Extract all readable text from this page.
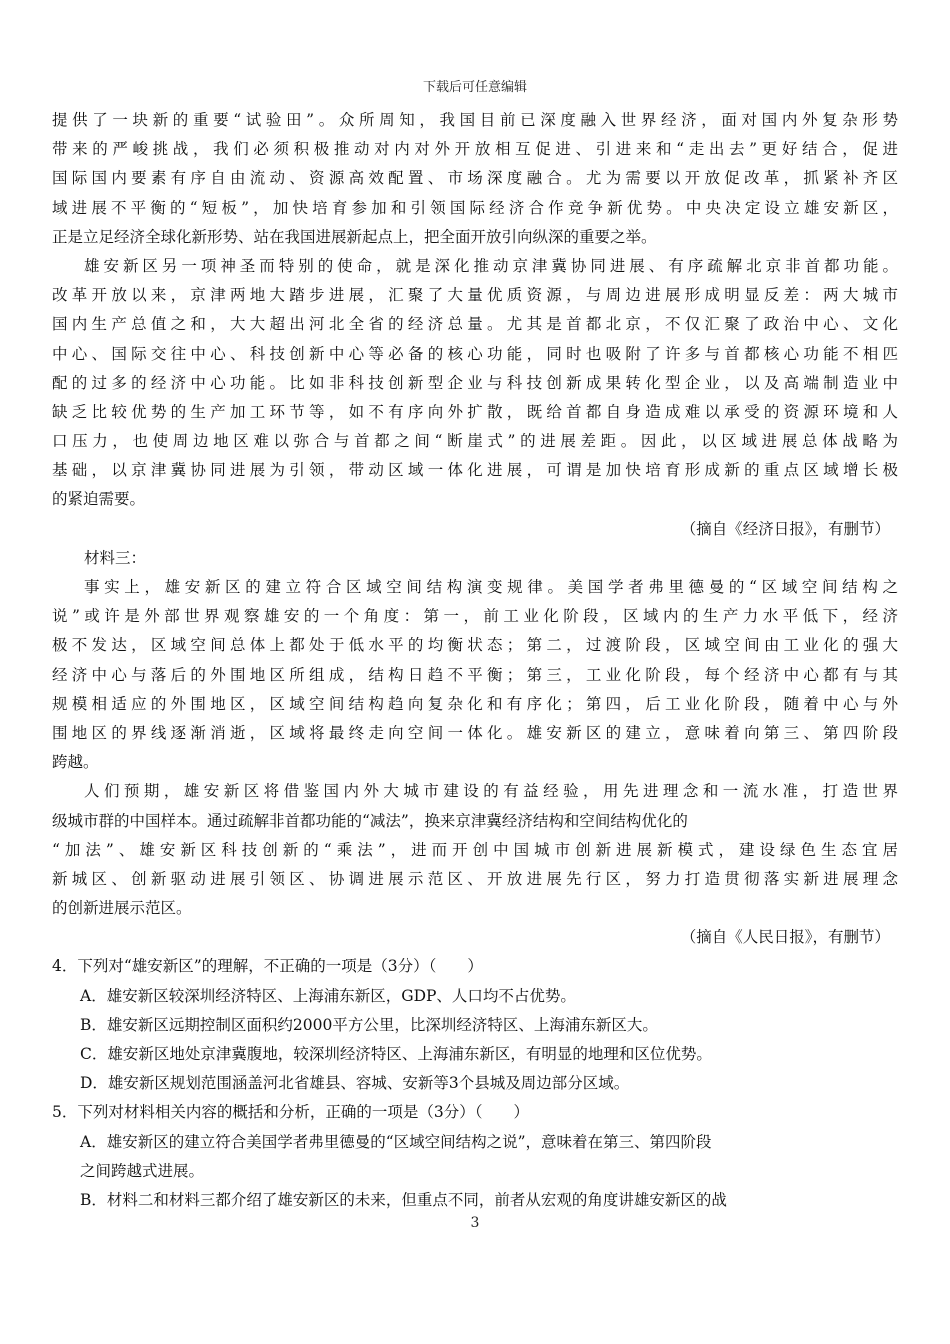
下载后可任意编辑
提供了一块新的重要“试验田”。众所周知，我国目前已深度融入世界经济，面对国内外复杂形势
带来的严峻挑战，我们必须积极推动对内对外开放相互促进、引进来和“走出去”更好结合，促进
国际国内要素有序自由流动、资源高效配置、市场深度融合。尤为需要以开放促改革，抓紧补齐区
域进展不平衡的“短板”，加快培育参加和引领国际经济合作竞争新优势。中央决定设立雄安新区，
正是立足经济全球化新形势、站在我国进展新起点上，把全面开放引向纵深的重要之举。
雄安新区另一项神圣而特别的使命，就是深化推动京津冀协同进展、有序疏解北京非首都功能。
改革开放以来，京津两地大踏步进展，汇聚了大量优质资源，与周边进展形成明显反差：两大城市
国内生产总值之和，大大超出河北全省的经济总量。尤其是首都北京，不仅汇聚了政治中心、文化
中心、国际交往中心、科技创新中心等必备的核心功能，同时也吸附了许多与首都核心功能不相匹
配的过多的经济中心功能。比如非科技创新型企业与科技创新成果转化型企业，以及高端制造业中
缺乏比较优势的生产加工环节等，如不有序向外扩散，既给首都自身造成难以承受的资源环境和人
口压力，也使周边地区难以弥合与首都之间“断崖式”的进展差距。因此，以区域进展总体战略为
基础，以京津冀协同进展为引领，带动区域一体化进展，可谓是加快培育形成新的重点区域增长极
的紧迫需要。
（摘自《经济日报》，有删节）
材料三：
事实上，雄安新区的建立符合区域空间结构演变规律。美国学者弗里德曼的“区域空间结构之
说”或许是外部世界观察雄安的一个角度：第一，前工业化阶段，区域内的生产力水平低下，经济
极不发达，区域空间总体上都处于低水平的均衡状态；第二，过渡阶段，区域空间由工业化的强大
经济中心与落后的外围地区所组成，结构日趋不平衡；第三，工业化阶段，每个经济中心都有与其
规模相适应的外围地区，区域空间结构趋向复杂化和有序化；第四，后工业化阶段，随着中心与外
围地区的界线逐渐消逝，区域将最终走向空间一体化。雄安新区的建立，意味着向第三、第四阶段
跨越。
人们预期，雄安新区将借鉴国内外大城市建设的有益经验，用先进理念和一流水准，打造世界
级城市群的中国样本。通过疏解非首都功能的“减法”，换来京津冀经济结构和空间结构优化的
“加法”、雄安新区科技创新的“乘法”，进而开创中国城市创新进展新模式，建设绿色生态宜居
新城区、创新驱动进展引领区、协调进展示范区、开放进展先行区，努力打造贯彻落实新进展理念
的创新进展示范区。
（摘自《人民日报》，有删节）
4．下列对“雄安新区”的理解，不正确的一项是（3分）（　　）
A．雄安新区较深圳经济特区、上海浦东新区，GDP、人口均不占优势。
B．雄安新区远期控制区面积约2000平方公里，比深圳经济特区、上海浦东新区大。
C．雄安新区地处京津冀腹地，较深圳经济特区、上海浦东新区，有明显的地理和区位优势。
D．雄安新区规划范围涵盖河北省雄县、容城、安新等3个县城及周边部分区域。
5．下列对材料相关内容的概括和分析，正确的一项是（3分）（　　）
A．雄安新区的建立符合美国学者弗里德曼的“区域空间结构之说”，意味着在第三、第四阶段
之间跨越式进展。
B．材料二和材料三都介绍了雄安新区的未来，但重点不同，前者从宏观的角度讲雄安新区的战
3
